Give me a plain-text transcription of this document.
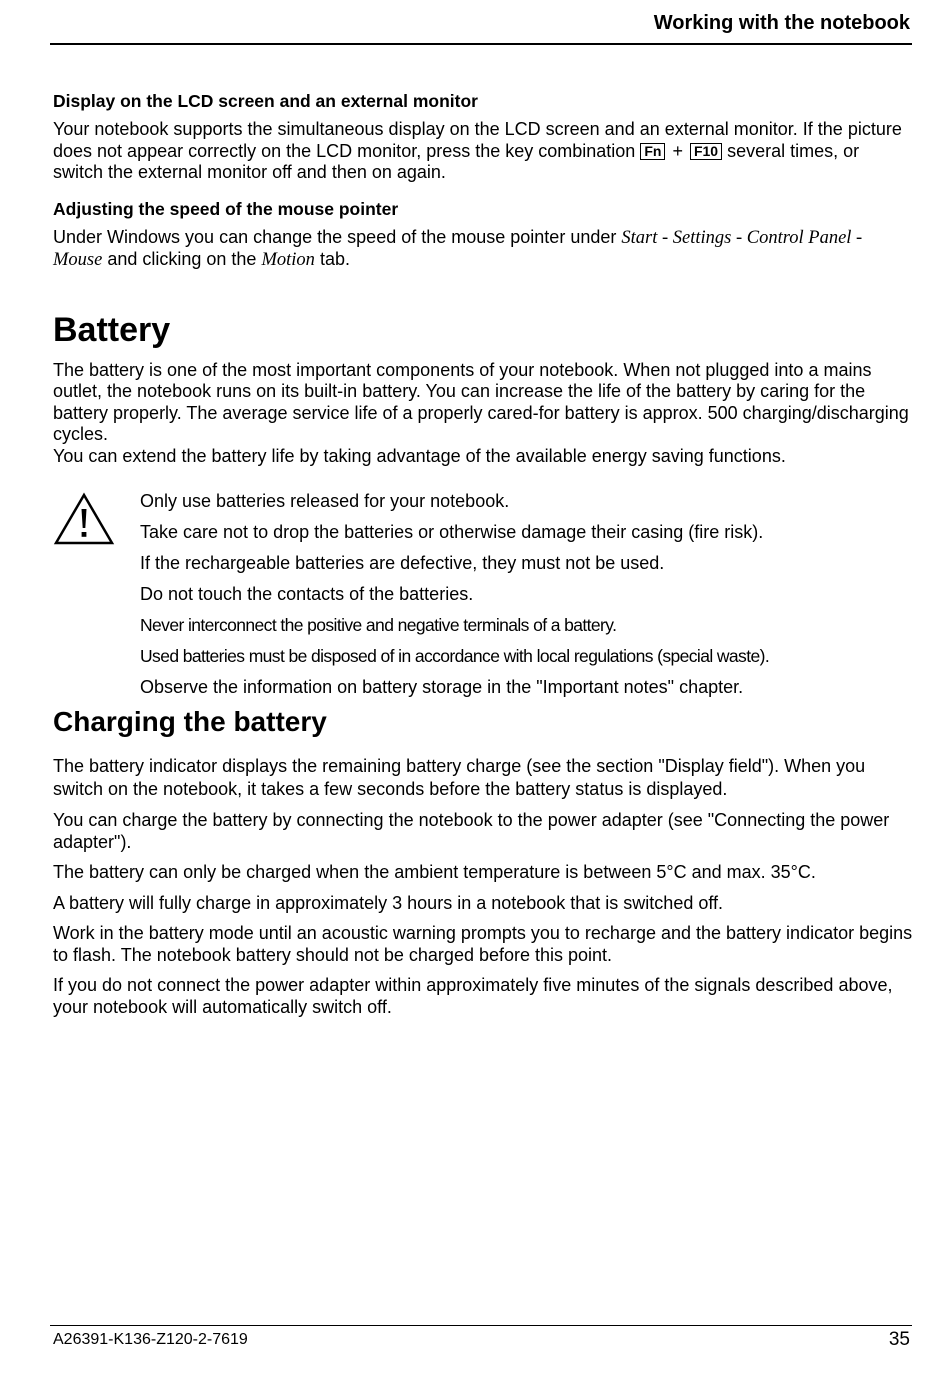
Working with the notebook
Display on the LCD screen and an external monitor

Your notebook supports the simultaneous display on the LCD screen and an external monitor. If the picture does not appear correctly on the LCD monitor, press the key combination Fn + F10 several times, or switch the external monitor off and then on again.

Adjusting the speed of the mouse pointer

Under Windows you can change the speed of the mouse pointer under Start - Settings - Control Panel - Mouse and clicking on the Motion tab.

Battery

The battery is one of the most important components of your notebook. When not plugged into a mains outlet, the notebook runs on its built-in battery. You can increase the life of the battery by caring for the battery properly. The average service life of a properly cared-for battery is approx. 500 charging/discharging cycles.

You can extend the battery life by taking advantage of the available energy saving functions.

Only use batteries released for your notebook.
Take care not to drop the batteries or otherwise damage their casing (fire risk).
If the rechargeable batteries are defective, they must not be used.
Do not touch the contacts of the batteries.
Never interconnect the positive and negative terminals of a battery.
Used batteries must be disposed of in accordance with local regulations (special waste).
Observe the information on battery storage in the "Important notes" chapter.
Charging the battery

The battery indicator displays the remaining battery charge (see the section "Display field"). When you switch on the notebook, it takes a few seconds before the battery status is displayed.

You can charge the battery by connecting the notebook to the power adapter (see "Connecting the power adapter").

The battery can only be charged when the ambient temperature is between 5°C and max. 35°C.

A battery will fully charge in approximately 3 hours in a notebook that is switched off.

Work in the battery mode until an acoustic warning prompts you to recharge and the battery indicator begins to flash. The notebook battery should not be charged before this point.

If you do not connect the power adapter within approximately five minutes of the signals described above, your notebook will automatically switch off.

A26391-K136-Z120-2-7619	35
